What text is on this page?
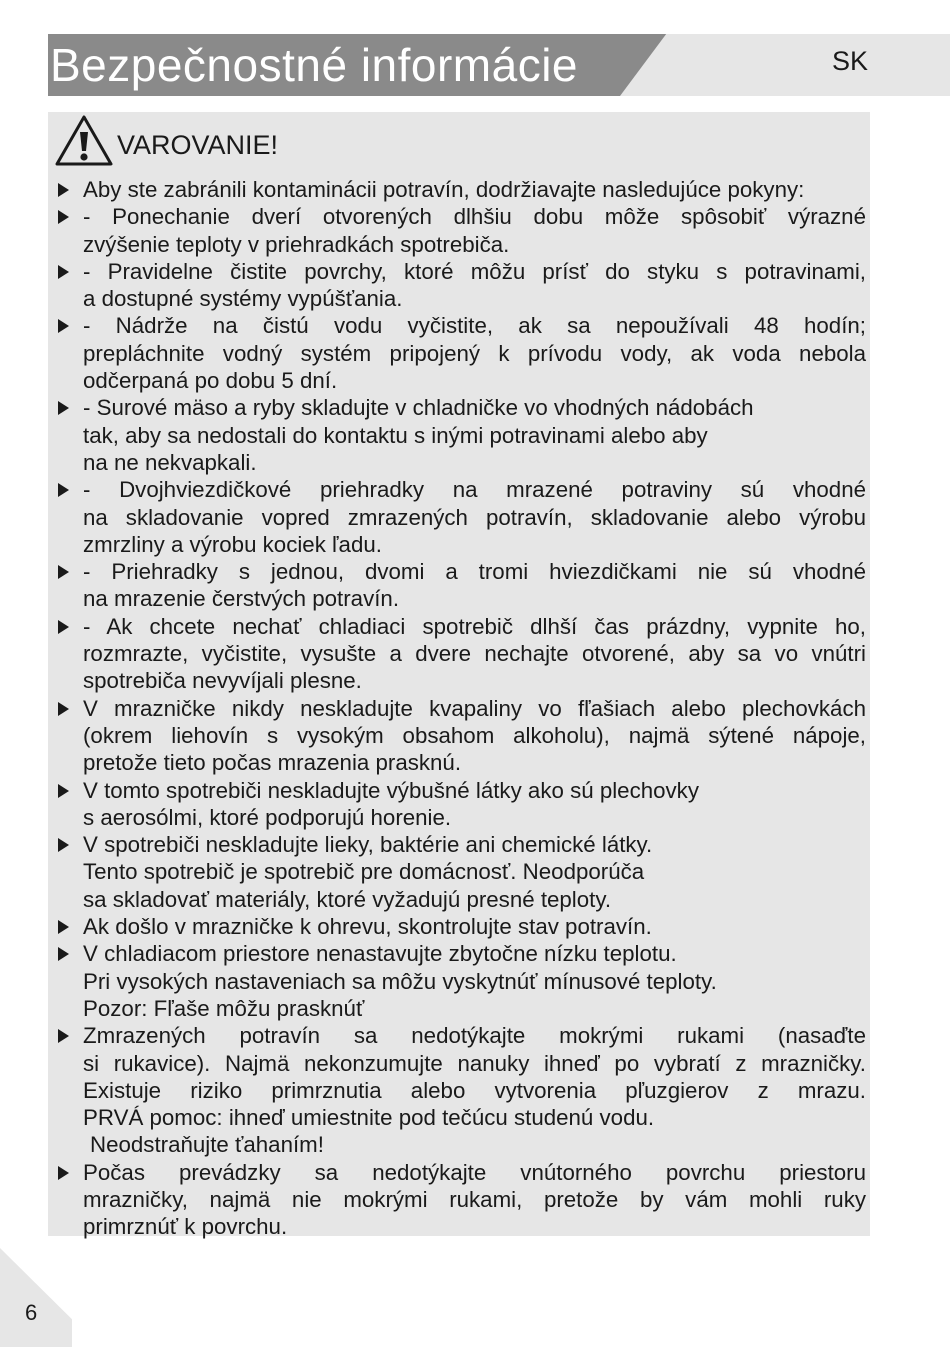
Bezpečnostné informácie	SK
VAROVANIE!
Aby ste zabránili kontaminácii potravín, dodržiavajte nasledujúce pokyny:
- Ponechanie dverí otvorených dlhšiu dobu môže spôsobiť výrazné
zvýšenie teploty v priehradkách spotrebiča.
- Pravidelne čistite povrchy, ktoré môžu prísť do styku s potravinami,
a dostupné systémy vypúšťania.
- Nádrže na čistú vodu vyčistite, ak sa nepoužívali 48 hodín;
prepláchnite vodný systém pripojený k prívodu vody, ak voda nebola
odčerpaná po dobu 5 dní.
- Surové mäso a ryby skladujte v chladničke vo vhodných nádobách
tak, aby sa nedostali do kontaktu s inými potravinami alebo aby
na ne nekvapkali.
- Dvojhviezdičkové priehradky na mrazené potraviny sú vhodné
na skladovanie vopred zmrazených potravín, skladovanie alebo výrobu
zmrzliny a výrobu kociek ľadu.
- Priehradky s jednou, dvomi a tromi hviezdičkami nie sú vhodné
na mrazenie čerstvých potravín.
- Ak chcete nechať chladiaci spotrebič dlhší čas prázdny, vypnite ho,
rozmrazte, vyčistite, vysušte a dvere nechajte otvorené, aby sa vo vnútri
spotrebiča nevyvíjali plesne.
V mrazničke nikdy neskladujte kvapaliny vo fľašiach alebo plechovkách
(okrem liehovín s vysokým obsahom alkoholu), najmä sýtené nápoje,
pretože tieto počas mrazenia prasknú.
V tomto spotrebiči neskladujte výbušné látky ako sú plechovky
s aerosólmi, ktoré podporujú horenie.
V spotrebiči neskladujte lieky, baktérie ani chemické látky.
Tento spotrebič je spotrebič pre domácnosť. Neodporúča
sa skladovať materiály, ktoré vyžadujú presné teploty.
Ak došlo v mrazničke k ohrevu, skontrolujte stav potravín.
V chladiacom priestore nenastavujte zbytočne nízku teplotu.
Pri vysokých nastaveniach sa môžu vyskytnúť mínusové teploty.
Pozor: Fľaše môžu prasknúť
Zmrazených potravín sa nedotýkajte mokrými rukami (nasaďte
si rukavice). Najmä nekonzumujte nanuky ihneď po vybratí z mrazničky.
Existuje riziko primrznutia alebo vytvorenia pľuzgierov z mrazu.
PRVÁ pomoc: ihneď umiestnite pod tečúcu studenú vodu.
Neodstraňujte ťahaním!
Počas prevádzky sa nedotýkajte vnútorného povrchu priestoru
mrazničky, najmä nie mokrými rukami, pretože by vám mohli ruky
primrznúť k povrchu.
6
